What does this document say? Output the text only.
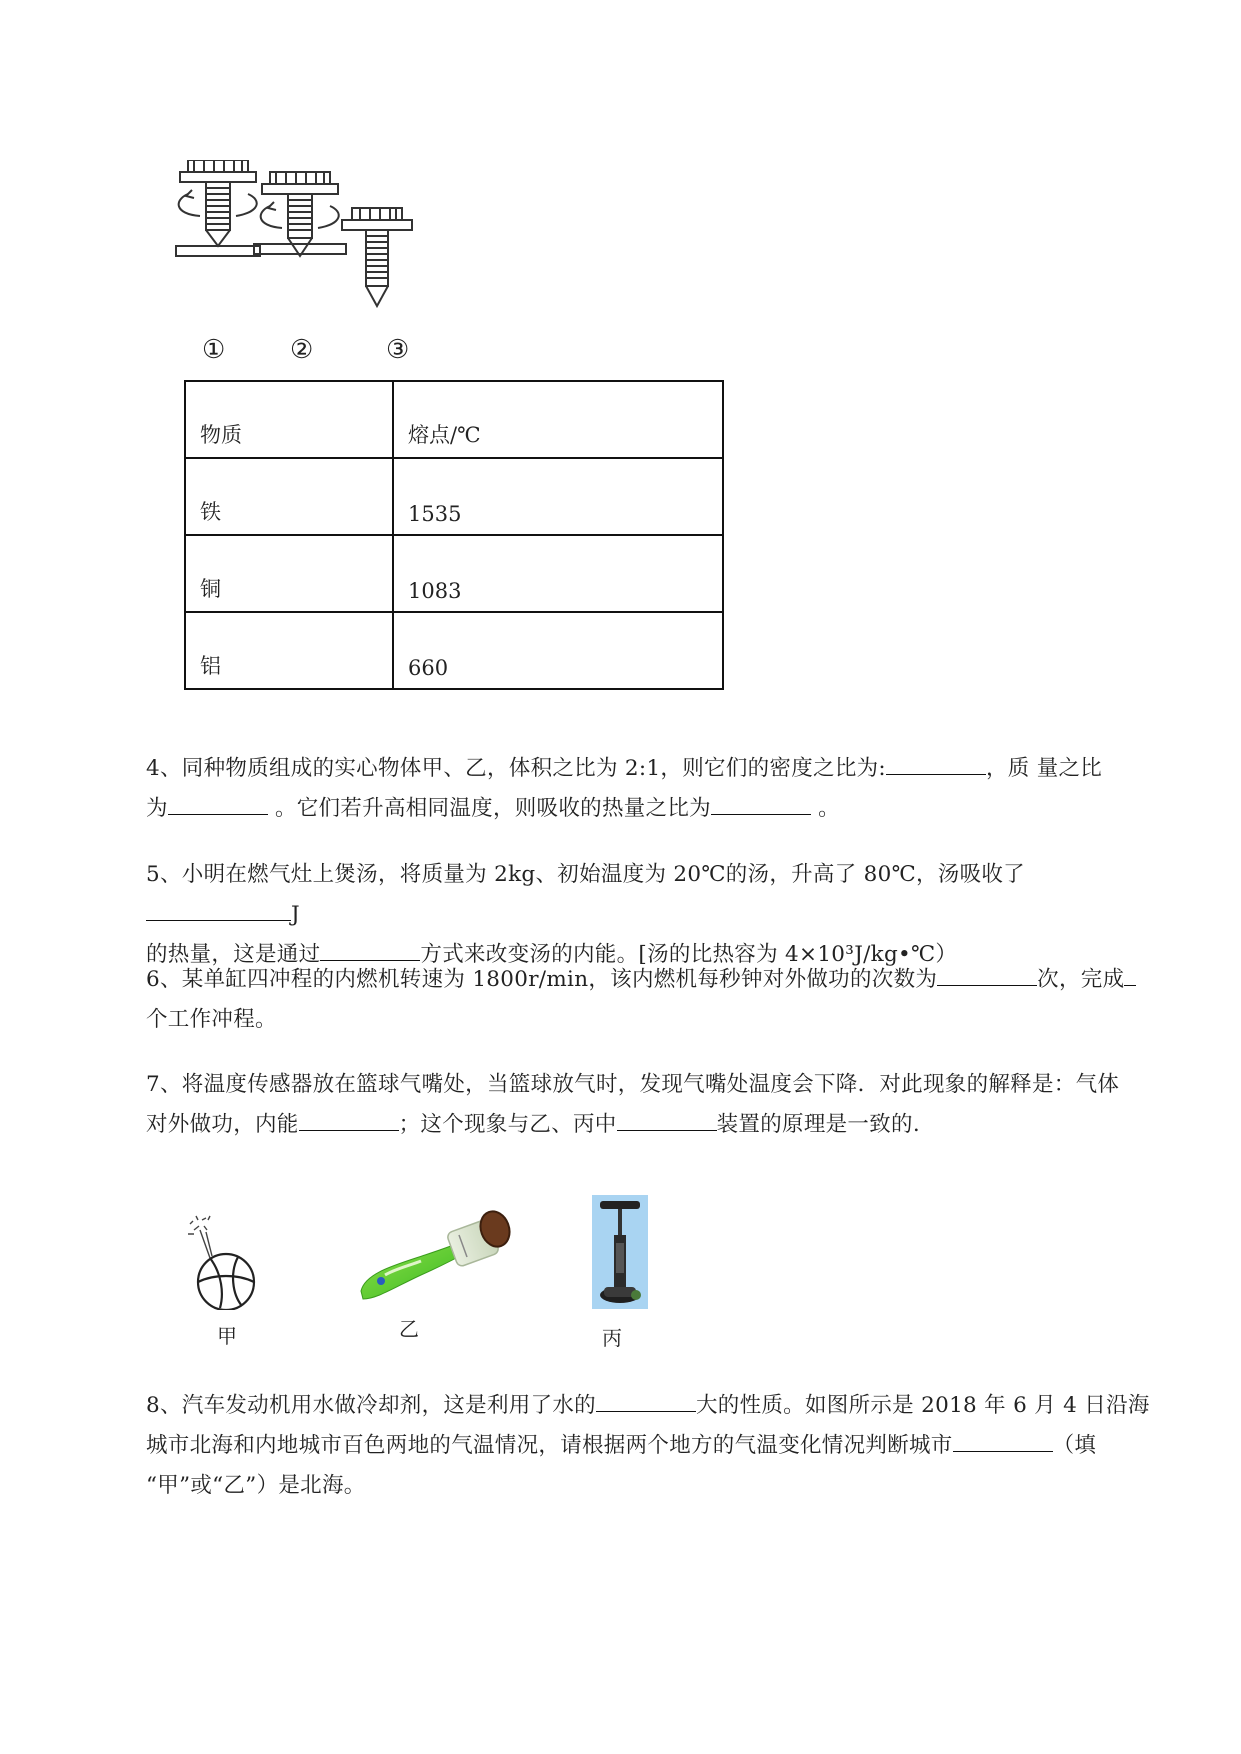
① ②	③
物质	熔点/℃
铁	1535
铜	1083
铝	660
4、同种物质组成的实心物体甲、乙，体积之比为 2:1，则它们的密度之比为:	，质 量之比
为	。它们若升高相同温度，则吸收的热量之比为	。
5、小明在燃气灶上煲汤，将质量为 2kg、初始温度为 20℃的汤，升高了 80℃，汤吸收了J
的热量，这是通过	方式来改变汤的内能。[汤的比热容为 4×10³J/kg•℃）
6、某单缸四冲程的内燃机转速为 1800r/min，该内燃机每秒钟对外做功的次数为	次，完成
个工作冲程。
7、将温度传感器放在篮球气嘴处，当篮球放气时，发现气嘴处温度会下降．对此现象的解释是：气体
对外做功，内能	；这个现象与乙、丙中	装置的原理是一致的.
甲	乙	丙
8、汽车发动机用水做冷却剂，这是利用了水的	大的性质。如图所示是 2018 年 6 月 4 日沿海
城市北海和内地城市百色两地的气温情况，请根据两个地方的气温变化情况判断城市	（填
“甲”或“乙”）是北海。
